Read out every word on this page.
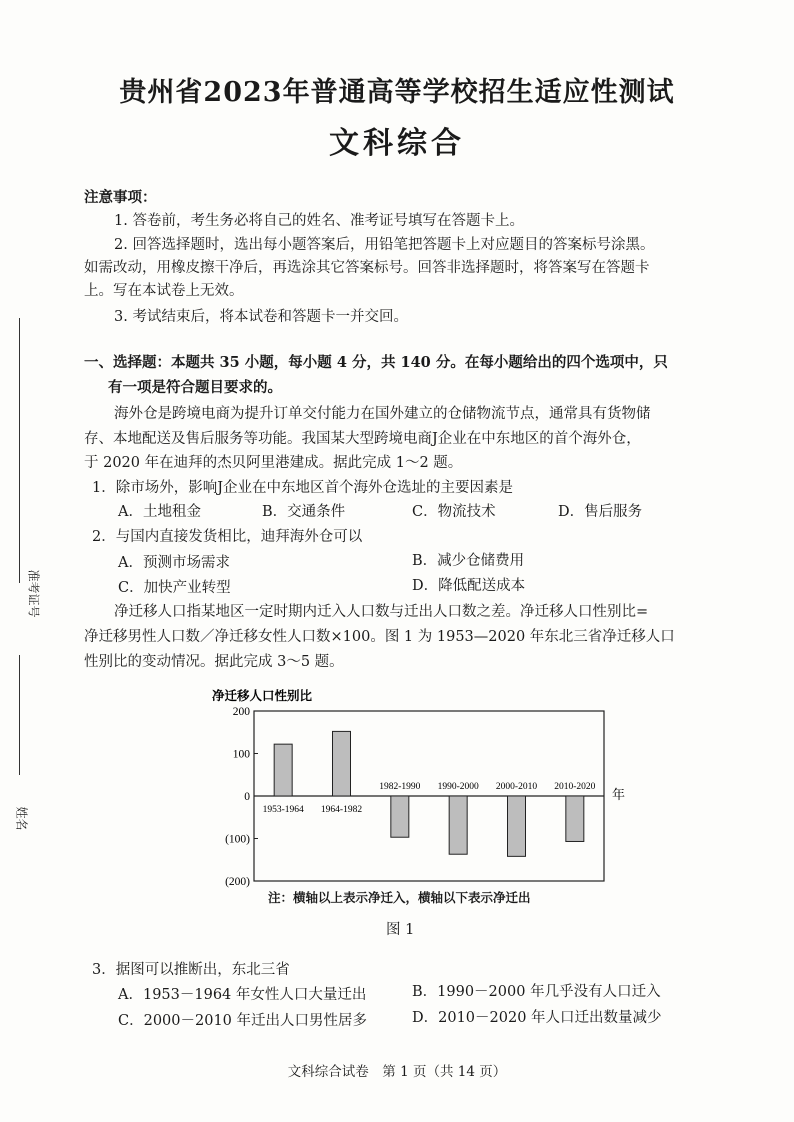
准考证号
姓名
贵州省2023年普通高等学校招生适应性测试
文科综合
注意事项：
1. 答卷前，考生务必将自己的姓名、准考证号填写在答题卡上。
2. 回答选择题时，选出每小题答案后，用铅笔把答题卡上对应题目的答案标号涂黑。
如需改动，用橡皮擦干净后，再选涂其它答案标号。回答非选择题时，将答案写在答题卡
上。写在本试卷上无效。
3. 考试结束后，将本试卷和答题卡一并交回。
一、选择题：本题共 35 小题，每小题 4 分，共 140 分。在每小题给出的四个选项中，只
有一项是符合题目要求的。
海外仓是跨境电商为提升订单交付能力在国外建立的仓储物流节点，通常具有货物储
存、本地配送及售后服务等功能。我国某大型跨境电商J企业在中东地区的首个海外仓，
于 2020 年在迪拜的杰贝阿里港建成。据此完成 1～2 题。
1．除市场外，影响J企业在中东地区首个海外仓选址的主要因素是
A．土地租金	B．交通条件	C．物流技术	D．售后服务
2．与国内直接发货相比，迪拜海外仓可以
A．预测市场需求	B．减少仓储费用
C．加快产业转型	D．降低配送成本
净迁移人口指某地区一定时期内迁入人口数与迁出人口数之差。净迁移人口性别比=
净迁移男性人口数／净迁移女性人口数×100。图 1 为 1953—2020 年东北三省净迁移人口
性别比的变动情况。据此完成 3～5 题。
净迁移人口性别比
200
100
0
(100)
(200)
1953-1964 1964-1982
1982-1990 1990-2000 2000-2010 2010-2020
年
注：横轴以上表示净迁入，横轴以下表示净迁出
图 1
3．据图可以推断出，东北三省
A．1953－1964 年女性人口大量迁出	B．1990－2000 年几乎没有人口迁入
C．2000－2010 年迁出人口男性居多	D．2010－2020 年人口迁出数量减少
文科综合试卷　第 1 页（共 14 页）
